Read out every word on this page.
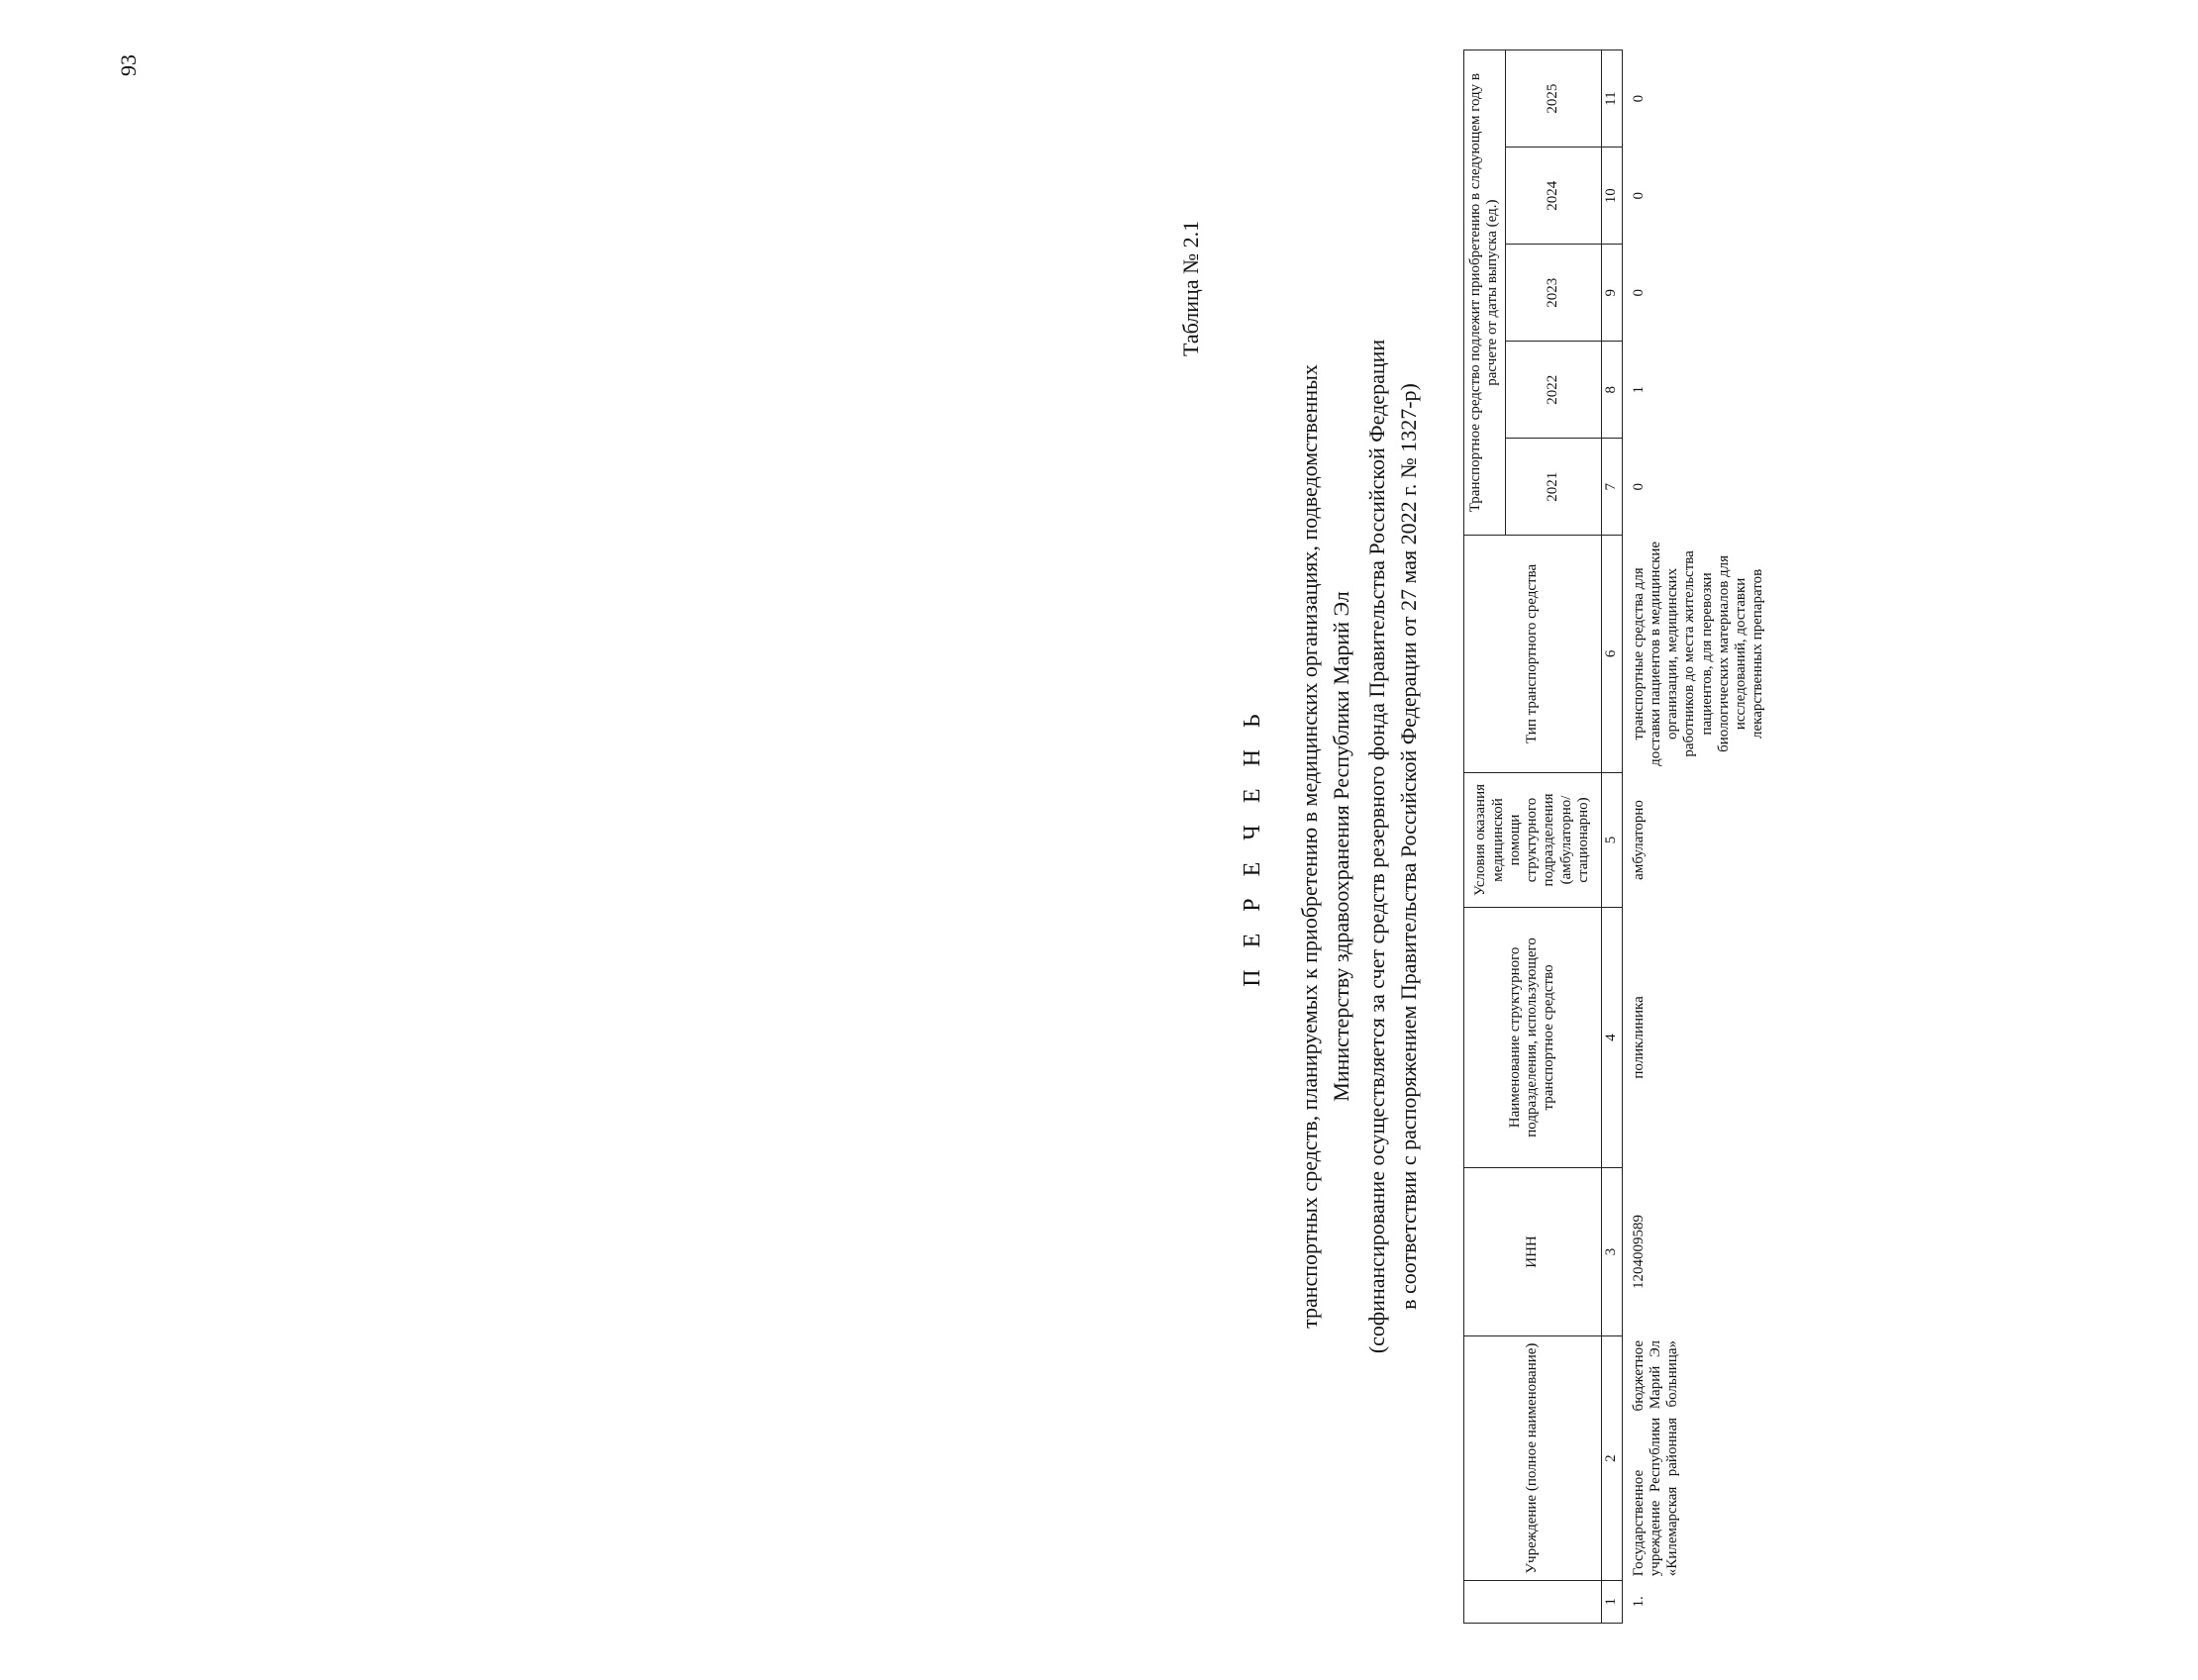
93
Таблица № 2.1
П Е Р Е Ч Е Н Ь транспортных средств, планируемых к приобретению в медицинских организациях, подведомственных Министерству здравоохранения Республики Марий Эл (софинансирование осуществляется за счет средств резервного фонда Правительства Российской Федерации в соответствии с распоряжением Правительства Российской Федерации от 27 мая 2022 г. № 1327-р)
	Учреждение (полное наименование)	ИНН	Наименование структурного подразделения, использующего транспортное средство	Условия оказания медицинской помощи структурного подразделения (амбулаторно/ стационарно)	Тип транспортного средства	Транспортное средство подлежит приобретению в следующем году в расчете от даты выпуска (ед.)				
						2021	2022	2023	2024	2025
1	2	3	4	5	6	7	8	9	10	11
1.	Государственное бюджетное учреждение Республики Марий Эл «Килемарская районная больница»	1204009589	поликлиника	амбулаторно	транспортные средства для доставки пациентов в медицинские организации, медицинских работников до места жительства пациентов, для перевозки биологических материалов для исследований, доставки лекарственных препаратов	0	1	0	0	0
